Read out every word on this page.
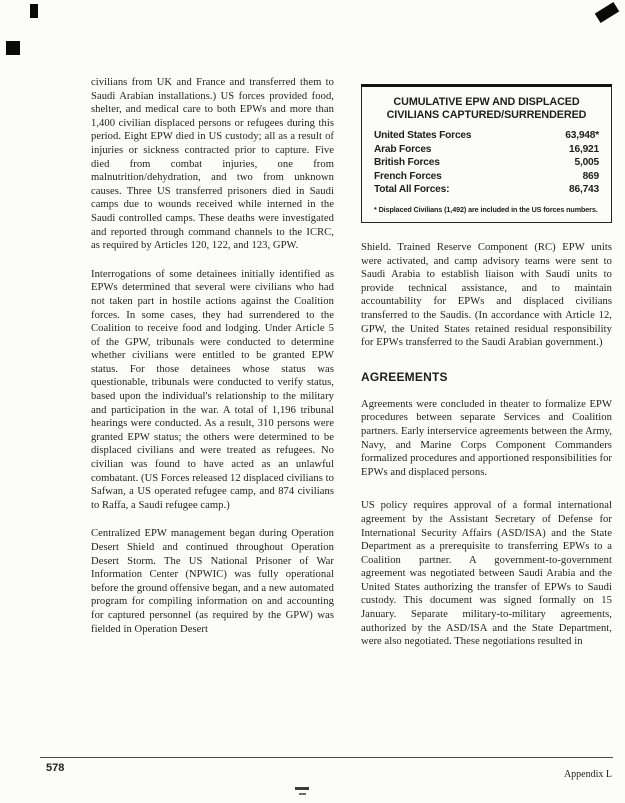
civilians from UK and France and transferred them to Saudi Arabian installations.) US forces provided food, shelter, and medical care to both EPWs and more than 1,400 civilian displaced persons or refugees during this period. Eight EPW died in US custody; all as a result of injuries or sickness contracted prior to capture. Five died from combat injuries, one from malnutrition/dehydration, and two from unknown causes. Three US transferred prisoners died in Saudi camps due to wounds received while interned in the Saudi controlled camps. These deaths were investigated and reported through command channels to the ICRC, as required by Articles 120, 122, and 123, GPW.

Interrogations of some detainees initially identified as EPWs determined that several were civilians who had not taken part in hostile actions against the Coalition forces. In some cases, they had surrendered to the Coalition to receive food and lodging. Under Article 5 of the GPW, tribunals were conducted to determine whether civilians were entitled to be granted EPW status. For those detainees whose status was questionable, tribunals were conducted to verify status, based upon the individual's relationship to the military and participation in the war. A total of 1,196 tribunal hearings were conducted. As a result, 310 persons were granted EPW status; the others were determined to be displaced civilians and were treated as refugees. No civilian was found to have acted as an unlawful combatant. (US Forces released 12 displaced civilians to Safwan, a US operated refugee camp, and 874 civilians to Raffa, a Saudi refugee camp.)

Centralized EPW management began during Operation Desert Shield and continued throughout Operation Desert Storm. The US National Prisoner of War Information Center (NPWIC) was fully operational before the ground offensive began, and a new automated program for compiling information on and accounting for captured personnel (as required by the GPW) was fielded in Operation Desert

CUMULATIVE EPW AND DISPLACED
CIVILIANS CAPTURED/SURRENDERED
United States Forces	63,948*
Arab Forces	16,921
British Forces	5,005
French Forces	869
Total All Forces:	86,743
* Displaced Civilians (1,492) are included in the US forces numbers.

Shield. Trained Reserve Component (RC) EPW units were activated, and camp advisory teams were sent to Saudi Arabia to establish liaison with Saudi units to provide technical assistance, and to maintain accountability for EPWs and displaced civilians transferred to the Saudis. (In accordance with Article 12, GPW, the United States retained residual responsibility for EPWs transferred to the Saudi Arabian government.)

AGREEMENTS

Agreements were concluded in theater to formalize EPW procedures between separate Services and Coalition partners. Early interservice agreements between the Army, Navy, and Marine Corps Component Commanders formalized procedures and apportioned responsibilities for EPWs and displaced persons.

US policy requires approval of a formal international agreement by the Assistant Secretary of Defense for International Security Affairs (ASD/ISA) and the State Department as a prerequisite to transferring EPWs to a Coalition partner. A government-to-government agreement was negotiated between Saudi Arabia and the United States authorizing the transfer of EPWs to Saudi custody. This document was signed formally on 15 January. Separate military-to-military agreements, authorized by the ASD/ISA and the State Department, were also negotiated. These negotiations resulted in

578
Appendix L
